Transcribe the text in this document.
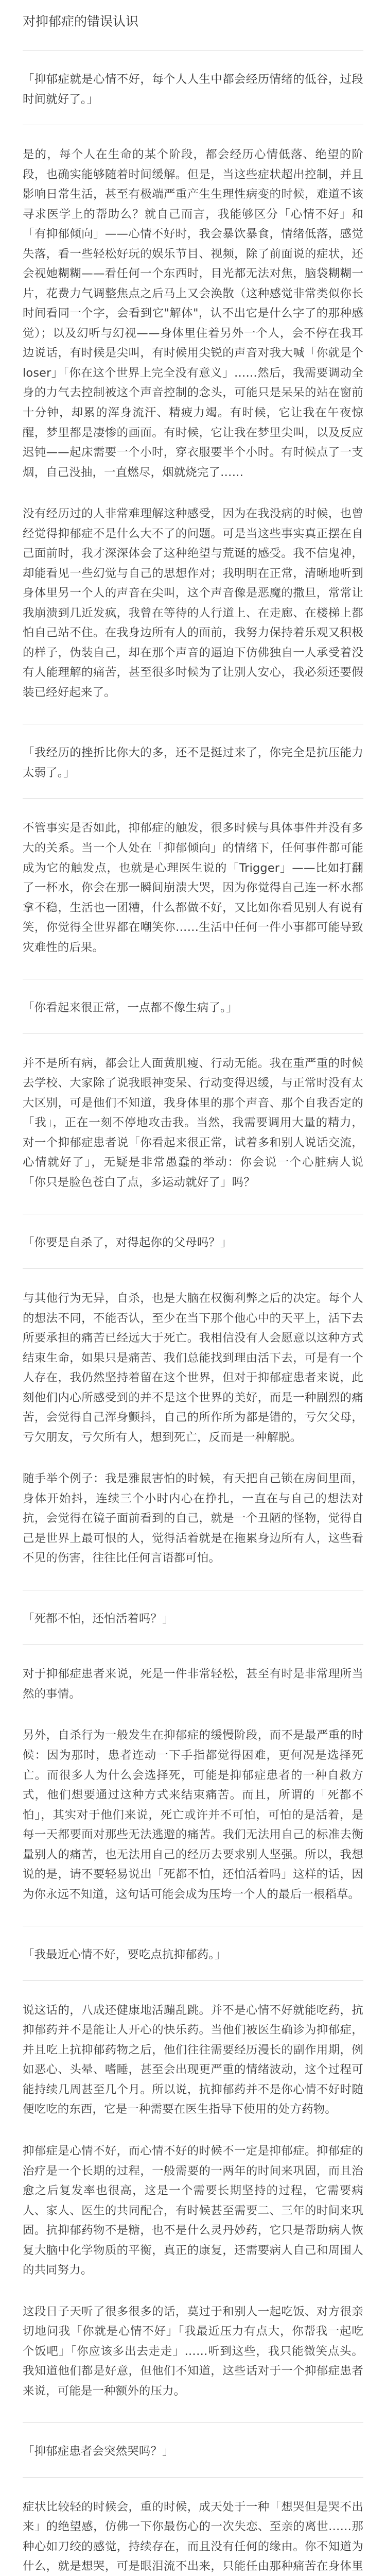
对抑郁症的错误认识

「抑郁症就是心情不好，每个人人生中都会经历情绪的低谷，过段时间就好了。」

是的，每个人在生命的某个阶段，都会经历心情低落、绝望的阶段，也确实能够随着时间缓解。但是，当这些症状超出控制，并且影响日常生活，甚至有极端严重产生生理性病变的时候，难道不该寻求医学上的帮助么？就自己而言，我能够区分「心情不好」和「有抑郁倾向」——心情不好时，我会暴饮暴食，情绪低落，感觉失落，看一些轻松好玩的娱乐节目、视频，除了前面说的症状，还会视她糊糊——看任何一个东西时，目光都无法对焦，脑袋糊糊一片，花费力气调整焦点之后马上又会涣散（这种感觉非常类似你长时间看同一个字，会看到它"解体"，认不出它是什么字了的那种感觉）；以及幻听与幻视——身体里住着另外一个人，会不停在我耳边说话，有时候是尖叫，有时候用尖锐的声音对我大喊「你就是个loser」「你在这个世界上完全没有意义」……然后，我需要调动全身的力气去控制被这个声音控制的念头，可能只是呆呆的站在窗前十分钟，却累的浑身流汗、精疲力竭。有时候，它让我在午夜惊醒，梦里都是凄惨的画面。有时候，它让我在梦里尖叫，以及反应迟钝——起床需要一个小时，穿衣服要半个小时。有时候点了一支烟，自己没抽，一直燃尽，烟就烧完了……

没有经历过的人非常难理解这种感受，因为在我没病的时候，也曾经觉得抑郁症不是什么大不了的问题。可是当这些事实真正摆在自己面前时，我才深深体会了这种绝望与荒诞的感受。我不信鬼神，却能看见一些幻觉与自己的思想作对；我明明在正常，清晰地听到身体里另一个人的声音在尖叫，这个声音像是恶魔的撒旦，常常让我崩溃到几近发疯，我曾在等待的人行道上、在走廊、在楼梯上都怕自己站不住。在我身边所有人的面前，我努力保持着乐观又积极的样子，伪装自己，却在那个声音的逼迫下仿佛独自一人承受着没有人能理解的痛苦，甚至很多时候为了让别人安心，我必须还要假装已经好起来了。

「我经历的挫折比你大的多，还不是挺过来了，你完全是抗压能力太弱了。」

不管事实是否如此，抑郁症的触发，很多时候与具体事件并没有多大的关系。当一个人处在「抑郁倾向」的情绪下，任何事件都可能成为它的触发点，也就是心理医生说的「Trigger」——比如打翻了一杯水，你会在那一瞬间崩溃大哭，因为你觉得自己连一杯水都拿不稳，生活也一团糟，什么都做不好，又比如你看见别人有说有笑，你觉得全世界都在嘲笑你……生活中任何一件小事都可能导致灾难性的后果。

「你看起来很正常，一点都不像生病了。」

并不是所有病，都会让人面黄肌瘦、行动无能。我在重严重的时候去学校、大家除了说我眼神变呆、行动变得迟缓，与正常时没有太大区别，可是他们不知道，我身体里的那个声音、那个自我否定的「我」，正在一刻不停地攻击我。当然，我需要调用大量的精力，对一个抑郁症患者说「你看起来很正常，试着多和别人说话交流，心情就好了」，无疑是非常愚蠢的举动：你会说一个心脏病人说「你只是脸色苍白了点，多运动就好了」吗？

「你要是自杀了，对得起你的父母吗？」

与其他行为无异，自杀，也是大脑在权衡利弊之后的决定。每个人的想法不同，不能否认，至少在当下那个他心中的天平上，活下去所要承担的痛苦已经远大于死亡。我相信没有人会愿意以这种方式结束生命，如果只是痛苦、我们总能找到理由活下去，可是有一个人存在，我仍然坚持着留在这个世界，但对于抑郁症患者来说，此刻他们内心所感受到的并不是这个世界的美好，而是一种剧烈的痛苦，会觉得自己浑身颤抖，自己的所作所为都是错的，亏欠父母，亏欠朋友，亏欠所有人，想到死亡，反而是一种解脱。

随手举个例子：我是雅鼠害怕的时候，有天把自己锁在房间里面，身体开始抖，连续三个小时内心在挣扎，一直在与自己的想法对抗，会觉得在镜子面前看到的自己，就是一个丑陋的怪物，觉得自己是世界上最可恨的人，觉得活着就是在拖累身边所有人，这些看不见的伤害，往往比任何言语都可怕。

「死都不怕，还怕活着吗？」

对于抑郁症患者来说，死是一件非常轻松，甚至有时是非常理所当然的事情。

另外，自杀行为一般发生在抑郁症的缓慢阶段，而不是最严重的时候：因为那时，患者连动一下手指都觉得困难，更何况是选择死亡。而很多人为什么会选择死，可能是抑郁症患者的一种自救方式，他们想要通过这种方式来结束痛苦。而且，所谓的「死都不怕」，其实对于他们来说，死亡或许并不可怕，可怕的是活着，是每一天都要面对那些无法逃避的痛苦。我们无法用自己的标准去衡量别人的痛苦，也无法用自己的经历去要求别人坚强。所以，我想说的是，请不要轻易说出「死都不怕，还怕活着吗」这样的话，因为你永远不知道，这句话可能会成为压垮一个人的最后一根稻草。

「我最近心情不好，要吃点抗抑郁药。」

说这话的，八成还健康地活蹦乱跳。并不是心情不好就能吃药，抗抑郁药并不是能让人开心的快乐药。当他们被医生确诊为抑郁症，并且吃上抗抑郁药物之后，他们往往需要经历漫长的副作用期，例如恶心、头晕、嗜睡，甚至会出现更严重的情绪波动，这个过程可能持续几周甚至几个月。所以说，抗抑郁药并不是你心情不好时随便吃吃的东西，它是一种需要在医生指导下使用的处方药物。

抑郁症是心情不好，而心情不好的时候不一定是抑郁症。抑郁症的治疗是一个长期的过程，一般需要的一两年的时间来巩固，而且治愈之后复发率也很高，这是一个需要长期坚持的过程，它需要病人、家人、医生的共同配合，有时候甚至需要二、三年的时间来巩固。抗抑郁药物不是糖，也不是什么灵丹妙药，它只是帮助病人恢复大脑中化学物质的平衡，真正的康复，还需要病人自己和周围人的共同努力。

这段日子天听了很多很多的话，莫过于和别人一起吃饭、对方很亲切地问我「你就是心情不好」「我最近压力有点大，你帮我一起吃个饭吧」「你应该多出去走走」……听到这些，我只能微笑点头。我知道他们都是好意，但他们不知道，这些话对于一个抑郁症患者来说，可能是一种额外的压力。

「抑郁症患者会突然哭吗？」

症状比较轻的时候会，重的时候，成天处于一种「想哭但是哭不出来」的绝望感，仿佛一下你最伤心的一次失恋、至亲的离世……那种心如刀绞的感觉，持续存在，而且没有任何的缘由。你不知道为什么，就是想哭，可是眼泪流不出来，只能任由那种痛苦在身体里
